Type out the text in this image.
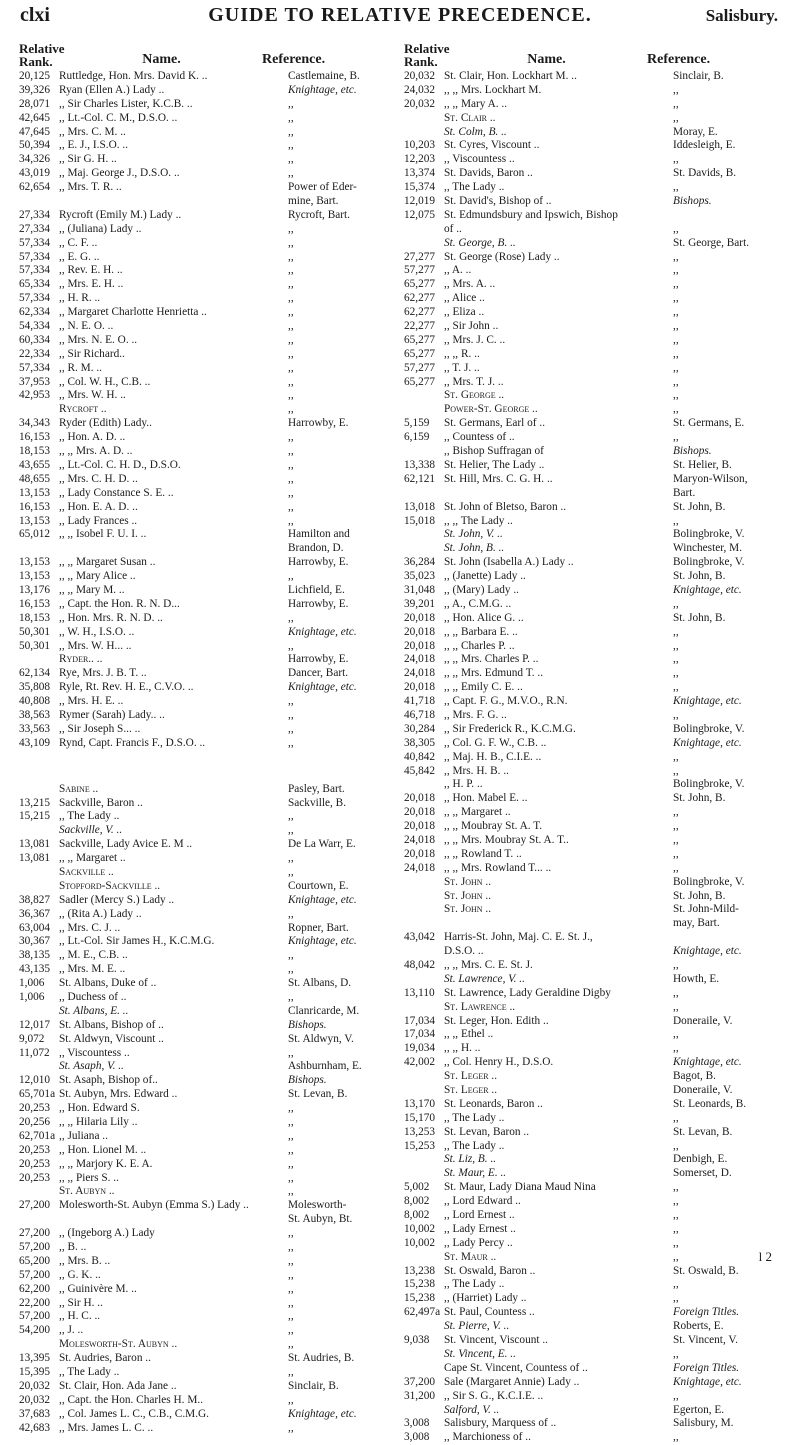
clxi	GUIDE TO RELATIVE PRECEDENCE.	Salisbury.
Relative Rank.	Name.	Reference.
20,125 Ruttledge, Hon. Mrs. David K. ..	Castlemaine, B.
39,326 Ryan (Ellen A.) Lady ..	Knightage, etc.
28,071 ,, Sir Charles Lister, K.C.B. ..	,,
42,645 ,, Lt.-Col. C. M., D.S.O. ..	,,
47,645 ,, Mrs. C. M. ..	,,
50,394 ,, E. J., I.S.O. ..	,,
34,326 ,, Sir G. H. ..	,,
43,019 ,, Maj. George J., D.S.O. ..	,,
62,654 ,, Mrs. T. R. ..	Power of Eder-
mine, Bart.
27,334 Rycroft (Emily M.) Lady ..	Rycroft, Bart.
27,334 ,, (Juliana) Lady ..	,,
57,334 ,, C. F. ..	,,
57,334 ,, E. G. ..	,,
57,334 ,, Rev. E. H. ..	,,
65,334 ,, Mrs. E. H. ..	,,
57,334 ,, H. R. ..	,,
62,334 ,, Margaret Charlotte Henrietta ..	,,
54,334 ,, N. E. O. ..	,,
60,334 ,, Mrs. N. E. O. ..	,,
22,334 ,, Sir Richard..	,,
57,334 ,, R. M. ..	,,
37,953 ,, Col. W. H., C.B. ..	,,
42,953 ,, Mrs. W. H. ..	,,
Rycroft ..	,,
34,343 Ryder (Edith) Lady..	Harrowby, E.
16,153 ,, Hon. A. D. ..	,,
18,153 ,, ,, Mrs. A. D. ..	,,
43,655 ,, Lt.-Col. C. H. D., D.S.O.	,,
48,655 ,, Mrs. C. H. D. ..	,,
13,153 ,, Lady Constance S. E. ..	,,
16,153 ,, Hon. E. A. D. ..	,,
13,153 ,, Lady Frances ..	,,
65,012 ,, ,, Isobel F. U. I. ..	Hamilton and
Brandon, D.
13,153 ,, ,, Margaret Susan ..	Harrowby, E.
13,153 ,, ,, Mary Alice ..	,,
13,176 ,, ,, Mary M. ..	Lichfield, E.
16,153 ,, Capt. the Hon. R. N. D...	Harrowby, E.
18,153 ,, Hon. Mrs. R. N. D. ..	,,
50,301 ,, W. H., I.S.O. ..	Knightage, etc.
50,301 ,, Mrs. W. H... ..	,,
Ryder.. ..	Harrowby, E.
62,134 Rye, Mrs. J. B. T. ..	Dancer, Bart.
35,808 Ryle, Rt. Rev. H. E., C.V.O. ..	Knightage, etc.
40,808 ,, Mrs. H. E. ..	,,
38,563 Rymer (Sarah) Lady.. ..	,,
33,563 ,, Sir Joseph S... ..	,,
43,109 Rynd, Capt. Francis F., D.S.O. ..	,,
Sabine ..	Pasley, Bart.
13,215 Sackville, Baron ..	Sackville, B.
15,215 ,, The Lady ..	,,
Sackville, V. ..	,,
13,081 Sackville, Lady Avice E. M ..	De La Warr, E.
13,081 ,, ,, Margaret ..	,,
Sackville ..	,,
Stopford-Sackville ..	Courtown, E.
38,827 Sadler (Mercy S.) Lady ..	Knightage, etc.
36,367 ,, (Rita A.) Lady ..	,,
63,004 ,, Mrs. C. J. ..	Ropner, Bart.
30,367 ,, Lt.-Col. Sir James H., K.C.M.G.	Knightage, etc.
38,135 ,, M. E., C.B. ..	,,
43,135 ,, Mrs. M. E. ..	,,
1,006	St. Albans, Duke of ..	St. Albans, D.
1,006	,, Duchess of ..	,,
St. Albans, E. ..	Clanricarde, M.
12,017 St. Albans, Bishop of ..	Bishops.
9,072	St. Aldwyn, Viscount ..	St. Aldwyn, V.
11,072 ,, Viscountess ..	,,
St. Asaph, V. ..	Ashburnham, E.
12,010 St. Asaph, Bishop of..	Bishops.
65,701a St. Aubyn, Mrs. Edward ..	St. Levan, B.
20,253 ,, Hon. Edward S.	,,
20,256 ,, ,, Hilaria Lily ..	,,
62,701a ,, Juliana ..	,,
20,253 ,, Hon. Lionel M. ..	,,
20,253 ,, ,, Marjory K. E. A.	,,
20,253 ,, ,, Piers S. ..	,,
St. Aubyn ..	,,
27,200 Molesworth-St. Aubyn (Emma S.) Lady ..	Molesworth-
St. Aubyn, Bt.
27,200 ,, (Ingeborg A.) Lady	,,
57,200 ,, B. ..	,,
65,200 ,, Mrs. B. ..	,,
57,200 ,, G. K. ..	,,
62,200 ,, Guinivère M. ..	,,
22,200 ,, Sir H. ..	,,
57,200 ,, H. C. ..	,,
54,200 ,, J. ..	,,
Molesworth-St. Aubyn ..	,,
13,395 St. Audries, Baron ..	St. Audries, B.
15,395 ,, The Lady ..	,,
20,032 St. Clair, Hon. Ada Jane ..	Sinclair, B.
20,032 ,, Capt. the Hon. Charles H. M..	,,
37,683 ,, Col. James L. C., C.B., C.M.G.	Knightage, etc.
42,683 ,, Mrs. James L. C. ..	,,
Relative Rank.	Name.	Reference.
20,032 St. Clair, Hon. Lockhart M. ..	Sinclair, B.
24,032 ,, ,, Mrs. Lockhart M.	,,
20,032 ,, ,, Mary A. ..	,,
St. Clair ..	,,
St. Colm, B. ..	Moray, E.
10,203 St. Cyres, Viscount ..	Iddesleigh, E.
12,203 ,, Viscountess ..	,,
13,374 St. Davids, Baron ..	St. Davids, B.
15,374 ,, The Lady ..	,,
12,019 St. David's, Bishop of ..	Bishops.
12,075 St. Edmundsbury and Ipswich, Bishop
of ..	,,
St. George, B. ..	St. George, Bart.
27,277 St. George (Rose) Lady ..	,,
57,277 ,, A. ..	,,
65,277 ,, Mrs. A. ..	,,
62,277 ,, Alice ..	,,
62,277 ,, Eliza ..	,,
22,277 ,, Sir John ..	,,
65,277 ,, Mrs. J. C. ..	,,
65,277 ,, ,, R. ..	,,
57,277 ,, T. J. ..	,,
65,277 ,, Mrs. T. J. ..	,,
St. George ..	,,
Power-St. George ..	,,
5,159	St. Germans, Earl of ..	St. Germans, E.
6,159	,, Countess of ..	,,
,, Bishop Suffragan of	Bishops.
13,338 St. Helier, The Lady ..	St. Helier, B.
62,121 St. Hill, Mrs. C. G. H. ..	Maryon-Wilson,
Bart.
13,018 St. John of Bletso, Baron ..	St. John, B.
15,018 ,, ,, The Lady ..	,,
St. John, V. ..	Bolingbroke, V.
St. John, B. ..	Winchester, M.
36,284 St. John (Isabella A.) Lady ..	Bolingbroke, V.
35,023 ,, (Janette) Lady ..	St. John, B.
31,048 ,, (Mary) Lady ..	Knightage, etc.
39,201 ,, A., C.M.G. ..	,,
20,018 ,, Hon. Alice G. ..	St. John, B.
20,018 ,, ,, Barbara E. ..	,,
20,018 ,, ,, Charles P. ..	,,
24,018 ,, ,, Mrs. Charles P. ..	,,
24,018 ,, ,, Mrs. Edmund T. ..	,,
20,018 ,, ,, Emily C. E. ..	,,
41,718 ,, Capt. F. G., M.V.O., R.N.	Knightage, etc.
46,718 ,, Mrs. F. G. ..	,,
30,284 ,, Sir Frederick R., K.C.M.G.	Bolingbroke, V.
38,305 ,, Col. G. F. W., C.B. ..	Knightage, etc.
40,842 ,, Maj. H. B., C.I.E. ..	,,
45,842 ,, Mrs. H. B. ..	,,
,, H. P. ..	Bolingbroke, V.
20,018 ,, Hon. Mabel E. ..	St. John, B.
20,018 ,, ,, Margaret ..	,,
20,018 ,, ,, Moubray St. A. T.	,,
24,018 ,, ,, Mrs. Moubray St. A. T..	,,
20,018 ,, ,, Rowland T. ..	,,
24,018 ,, ,, Mrs. Rowland T... ..	,,
St. John ..	Bolingbroke, V.
St. John ..	St. John, B.
St. John ..	St. John-Mild-
may, Bart.
43,042 Harris-St. John, Maj. C. E. St. J.,
D.S.O. ..	Knightage, etc.
48,042 ,, ,, Mrs. C. E. St. J.	,,
St. Lawrence, V. ..	Howth, E.
13,110 St. Lawrence, Lady Geraldine Digby	,,
St. Lawrence ..	,,
17,034 St. Leger, Hon. Edith ..	Doneraile, V.
17,034 ,, ,, Ethel ..	,,
19,034 ,, ,, H. ..	,,
42,002 ,, Col. Henry H., D.S.O.	Knightage, etc.
St. Leger ..	Bagot, B.
St. Leger ..	Doneraile, V.
13,170 St. Leonards, Baron ..	St. Leonards, B.
15,170 ,, The Lady ..	,,
13,253 St. Levan, Baron ..	St. Levan, B.
15,253 ,, The Lady ..	,,
St. Liz, B. ..	Denbigh, E.
St. Maur, E. ..	Somerset, D.
5,002	St. Maur, Lady Diana Maud Nina	,,
8,002	,, Lord Edward ..	,,
8,002	,, Lord Ernest ..	,,
10,002 ,, Lady Ernest ..	,,
10,002 ,, Lady Percy ..	,,
St. Maur ..	,,
13,238 St. Oswald, Baron ..	St. Oswald, B.
15,238 ,, The Lady ..	,,
15,238 ,, (Harriet) Lady ..	,,
62,497a St. Paul, Countess ..	Foreign Titles.
St. Pierre, V. ..	Roberts, E.
9,038	St. Vincent, Viscount ..	St. Vincent, V.
St. Vincent, E. ..	,,
Cape St. Vincent, Countess of ..	Foreign Titles.
37,200 Sale (Margaret Annie) Lady ..	Knightage, etc.
31,200 ,, Sir S. G., K.C.I.E. ..	,,
Salford, V. ..	Egerton, E.
3,008	Salisbury, Marquess of ..	Salisbury, M.
3,008	,, Marchioness of ..	,,
l 2
